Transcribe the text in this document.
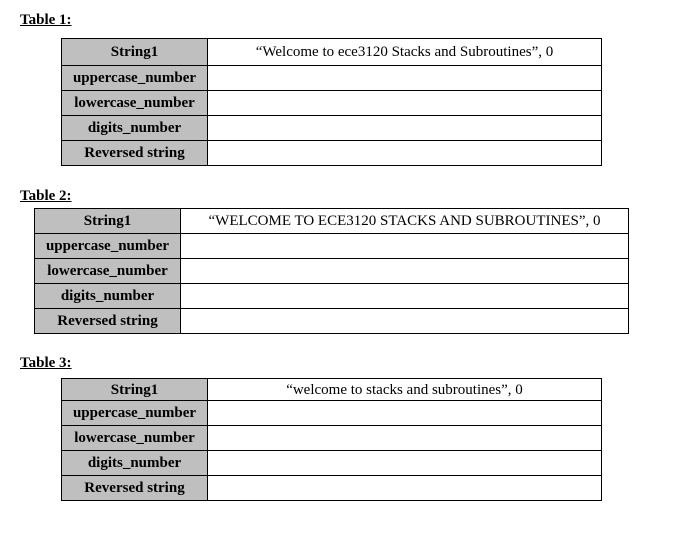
Table 1:
String1	“Welcome to ece3120 Stacks and Subroutines”, 0
uppercase_number	
lowercase_number	
digits_number	
Reversed string	
Table 2:
String1	“WELCOME TO ECE3120 STACKS AND SUBROUTINES”, 0
uppercase_number	
lowercase_number	
digits_number	
Reversed string	
Table 3:
String1	“welcome to stacks and subroutines”, 0
uppercase_number	
lowercase_number	
digits_number	
Reversed string	
